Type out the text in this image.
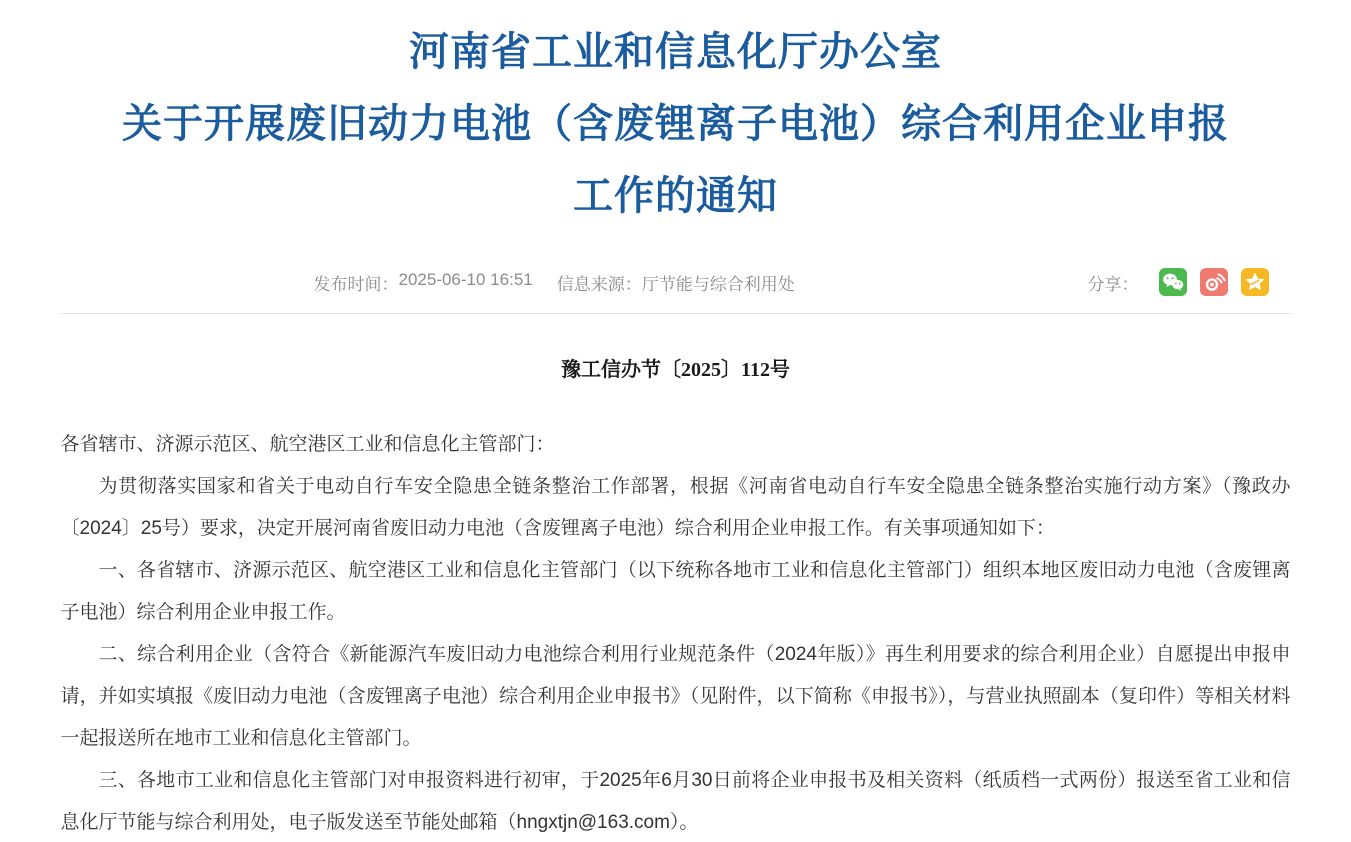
河南省工业和信息化厅办公室
关于开展废旧动力电池（含废锂离子电池）综合利用企业申报
工作的通知
发布时间： 2025-06-10 16:51 信息来源： 厅节能与综合利用处	分享：
豫工信办节〔2025〕112号

各省辖市、济源示范区、航空港区工业和信息化主管部门：

为贯彻落实国家和省关于电动自行车安全隐患全链条整治工作部署，根据《河南省电动自行车安全隐患全链条整治实施行动方案》（豫政办〔2024〕25号）要求，决定开展河南省废旧动力电池（含废锂离子电池）综合利用企业申报工作。有关事项通知如下：

一、各省辖市、济源示范区、航空港区工业和信息化主管部门（以下统称各地市工业和信息化主管部门）组织本地区废旧动力电池（含废锂离子电池）综合利用企业申报工作。

二、综合利用企业（含符合《新能源汽车废旧动力电池综合利用行业规范条件（2024年版）》再生利用要求的综合利用企业）自愿提出申报申请，并如实填报《废旧动力电池（含废锂离子电池）综合利用企业申报书》（见附件，以下简称《申报书》），与营业执照副本（复印件）等相关材料一起报送所在地市工业和信息化主管部门。

三、各地市工业和信息化主管部门对申报资料进行初审，于2025年6月30日前将企业申报书及相关资料（纸质档一式两份）报送至省工业和信息化厅节能与综合利用处，电子版发送至节能处邮箱（hngxtjn@163.com）。
